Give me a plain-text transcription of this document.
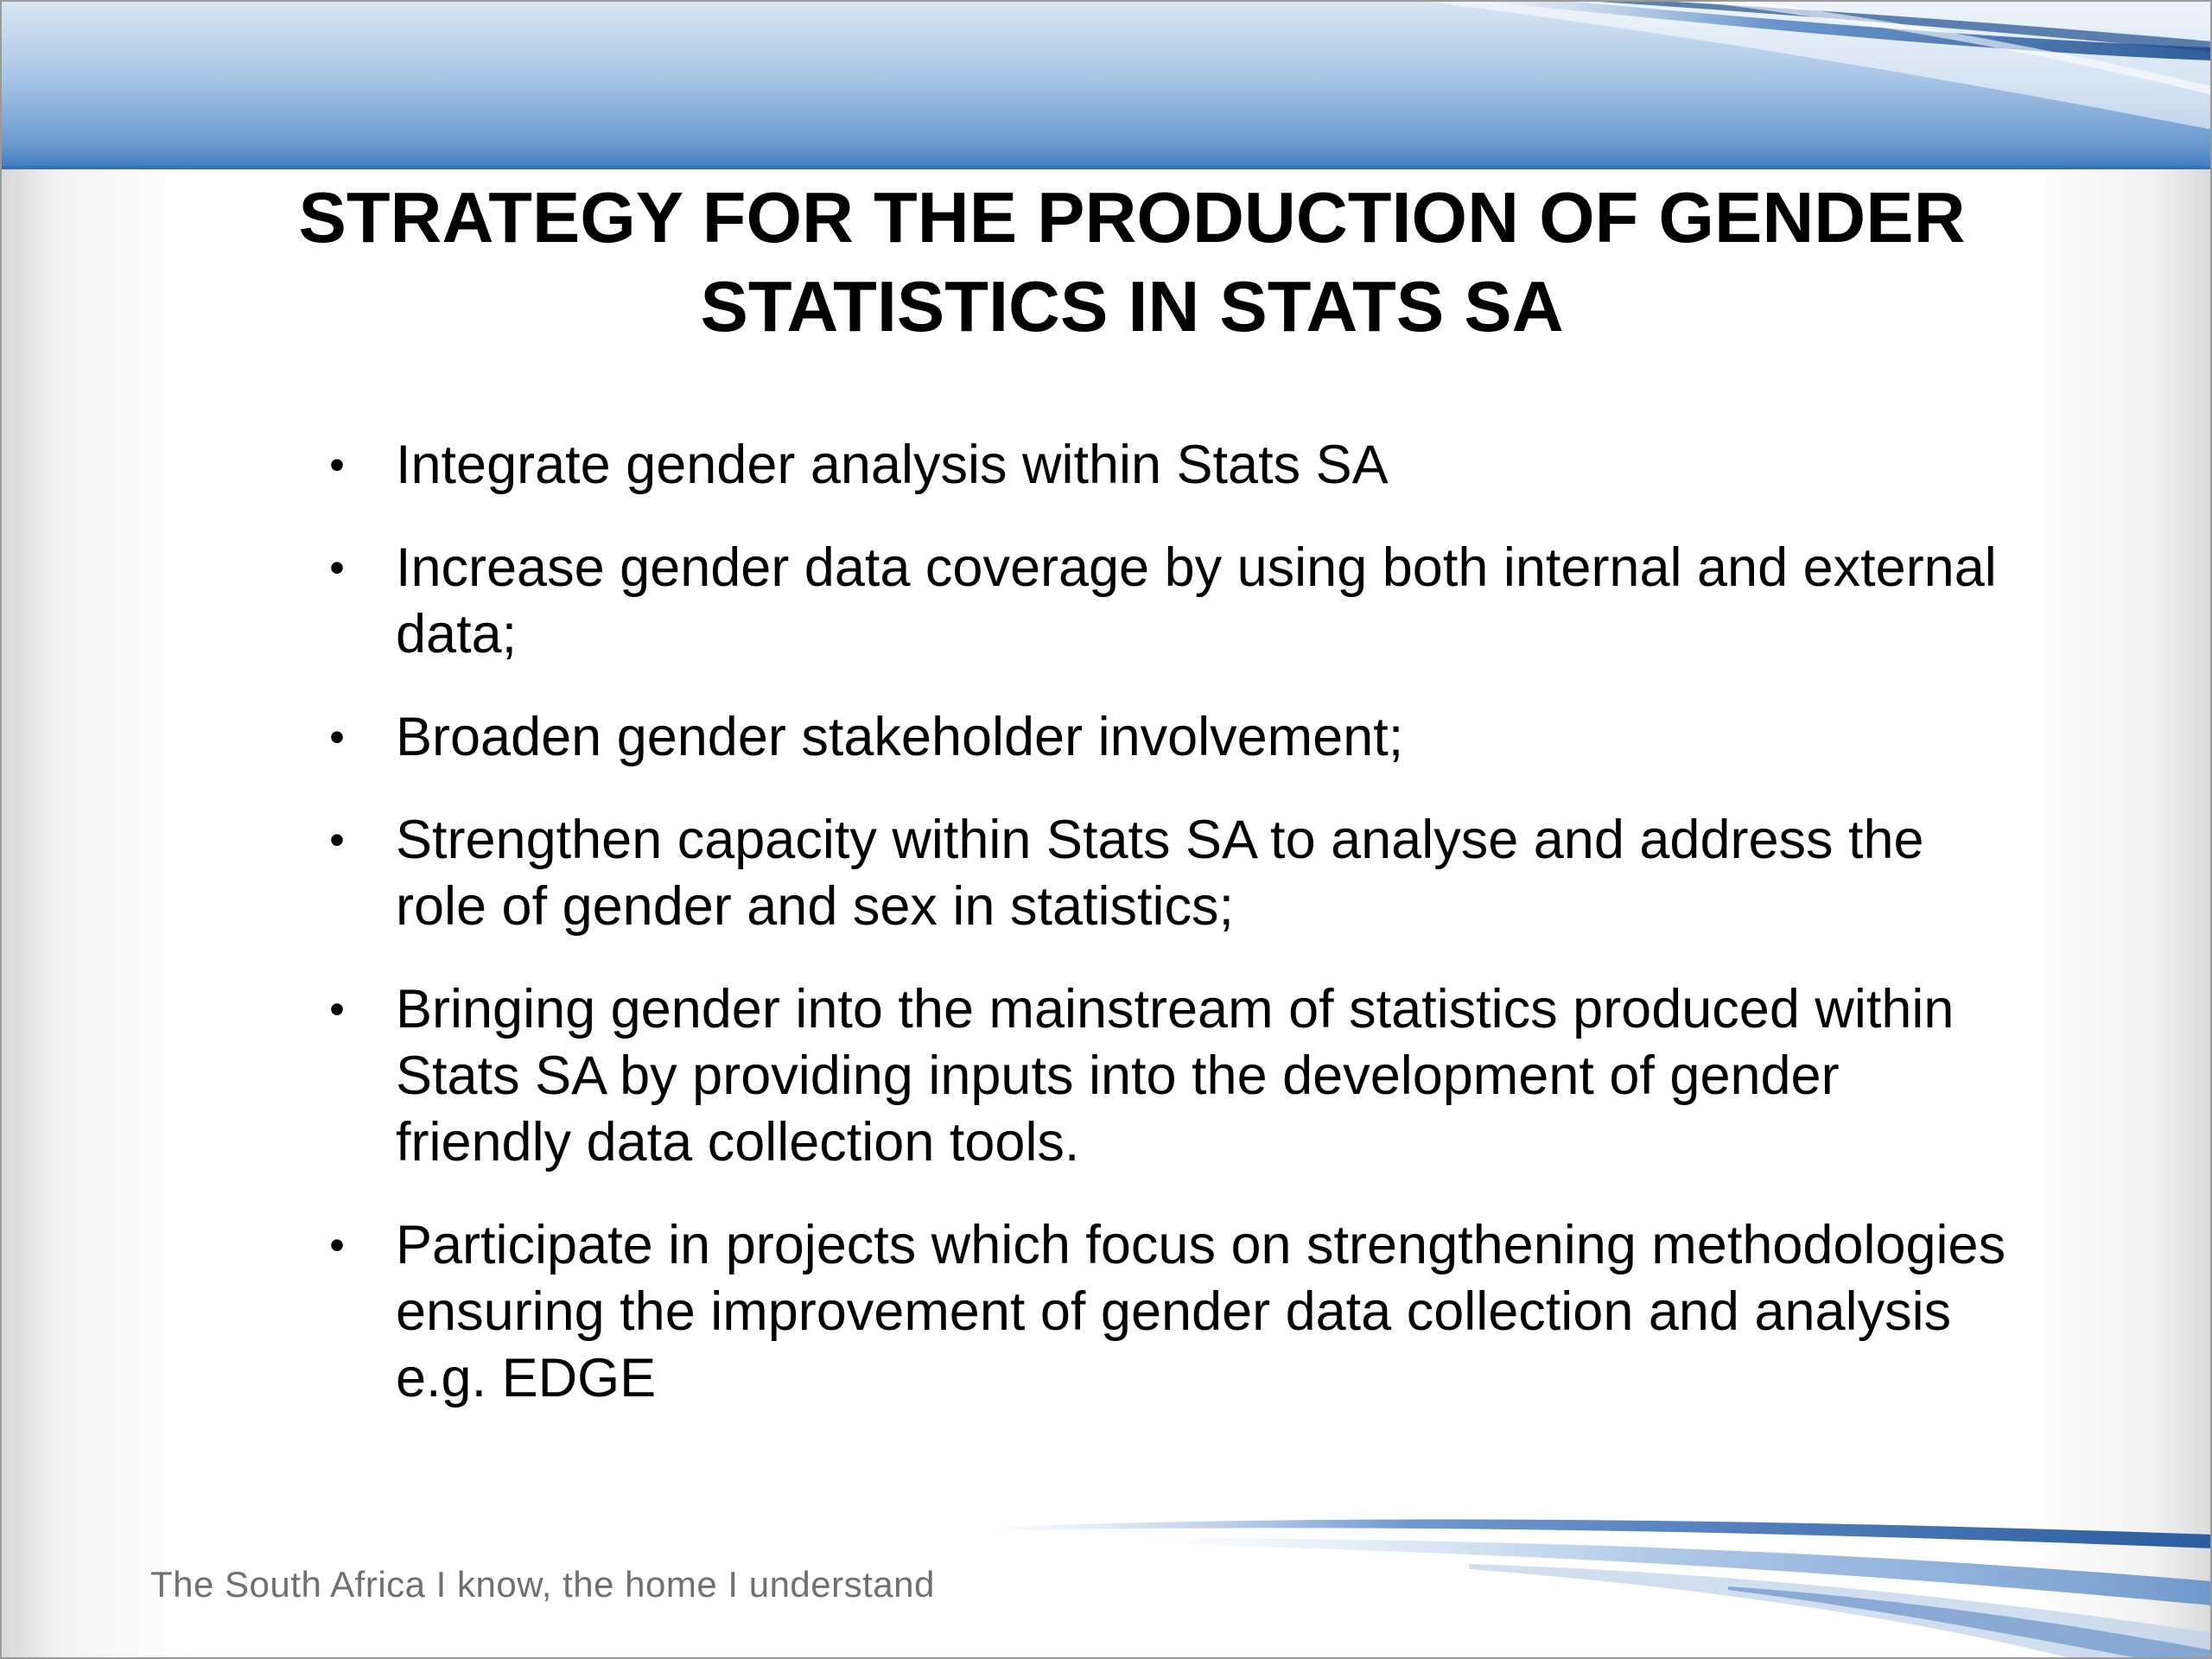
STRATEGY FOR THE PRODUCTION OF GENDER
STATISTICS IN STATS SA
• Integrate gender analysis within Stats SA
• Increase gender data coverage by using both internal and external
data;
• Broaden gender stakeholder involvement;
• Strengthen capacity within Stats SA to analyse and address the
role of gender and sex in statistics;
• Bringing gender into the mainstream of statistics produced within
Stats SA by providing inputs into the development of gender
friendly data collection tools.
• Participate in projects which focus on strengthening methodologies
ensuring the improvement of gender data collection and analysis
e.g. EDGE
The South Africa I know, the home I understand
